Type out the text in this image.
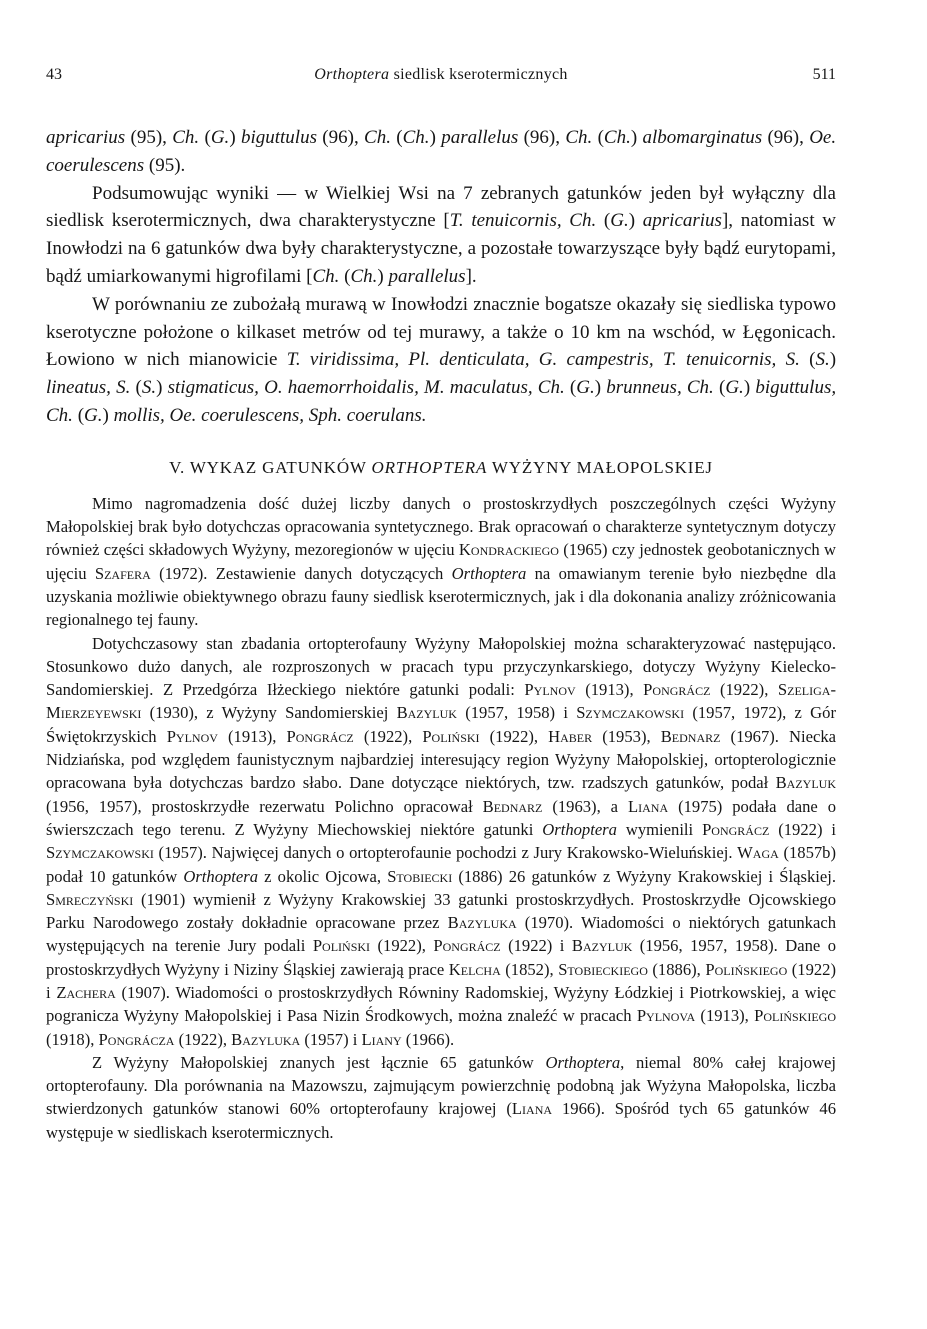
43	Orthoptera siedlisk kserotermicznych	511

apricarius (95), Ch. (G.) biguttulus (96), Ch. (Ch.) parallelus (96), Ch. (Ch.) albomarginatus (96), Oe. coerulescens (95).

Podsumowując wyniki — w Wielkiej Wsi na 7 zebranych gatunków jeden był wyłączny dla siedlisk kserotermicznych, dwa charakterystyczne [T. tenuicornis, Ch. (G.) apricarius], natomiast w Inowłodzi na 6 gatunków dwa były charakterystyczne, a pozostałe towarzyszące były bądź eurytopami, bądź umiarkowanymi higrofilami [Ch. (Ch.) parallelus].

W porównaniu ze zubożałą murawą w Inowłodzi znacznie bogatsze okazały się siedliska typowo kserotyczne położone o kilkaset metrów od tej murawy, a także o 10 km na wschód, w Łęgonicach. Łowiono w nich mianowicie T. viridissima, Pl. denticulata, G. campestris, T. tenuicornis, S. (S.) lineatus, S. (S.) stigmaticus, O. haemorrhoidalis, M. maculatus, Ch. (G.) brunneus, Ch. (G.) biguttulus, Ch. (G.) mollis, Oe. coerulescens, Sph. coerulans.

V. WYKAZ GATUNKÓW ORTHOPTERA WYŻYNY MAŁOPOLSKIEJ

Mimo nagromadzenia dość dużej liczby danych o prostoskrzydłych poszczególnych części Wyżyny Małopolskiej brak było dotychczas opracowania syntetycznego. Brak opracowań o charakterze syntetycznym dotyczy również części składowych Wyżyny, mezoregionów w ujęciu Kondrackiego (1965) czy jednostek geobotanicznych w ujęciu Szafera (1972). Zestawienie danych dotyczących Orthoptera na omawianym terenie było niezbędne dla uzyskania możliwie obiektywnego obrazu fauny siedlisk kserotermicznych, jak i dla dokonania analizy zróżnicowania regionalnego tej fauny.

Dotychczasowy stan zbadania ortopterofauny Wyżyny Małopolskiej można scharakteryzować następująco. Stosunkowo dużo danych, ale rozproszonych w pracach typu przyczynkarskiego, dotyczy Wyżyny Kielecko-Sandomierskiej. Z Przedgórza Iłżeckiego niektóre gatunki podali: Pylnov (1913), Pongrácz (1922), Szeliga-Mierzeyewski (1930), z Wyżyny Sandomierskiej Bazyluk (1957, 1958) i Szymczakowski (1957, 1972), z Gór Świętokrzyskich Pylnov (1913), Pongrácz (1922), Poliński (1922), Haber (1953), Bednarz (1967). Niecka Nidziańska, pod względem faunistycznym najbardziej interesujący region Wyżyny Małopolskiej, ortopterologicznie opracowana była dotychczas bardzo słabo. Dane dotyczące niektórych, tzw. rzadszych gatunków, podał Bazyluk (1956, 1957), prostoskrzydłe rezerwatu Polichno opracował Bednarz (1963), a Liana (1975) podała dane o świerszczach tego terenu. Z Wyżyny Miechowskiej niektóre gatunki Orthoptera wymienili Pongrácz (1922) i Szymczakowski (1957). Najwięcej danych o ortopterofaunie pochodzi z Jury Krakowsko-Wieluńskiej. Waga (1857b) podał 10 gatunków Orthoptera z okolic Ojcowa, Stobiecki (1886) 26 gatunków z Wyżyny Krakowskiej i Śląskiej. Smreczyński (1901) wymienił z Wyżyny Krakowskiej 33 gatunki prostoskrzydłych. Prostoskrzydłe Ojcowskiego Parku Narodowego zostały dokładnie opracowane przez Bazyluka (1970). Wiadomości o niektórych gatunkach występujących na terenie Jury podali Poliński (1922), Pongrácz (1922) i Bazyluk (1956, 1957, 1958). Dane o prostoskrzydłych Wyżyny i Niziny Śląskiej zawierają prace Kelcha (1852), Stobieckiego (1886), Polińskiego (1922) i Zachera (1907). Wiadomości o prostoskrzydłych Równiny Radomskiej, Wyżyny Łódzkiej i Piotrkowskiej, a więc pogranicza Wyżyny Małopolskiej i Pasa Nizin Środkowych, można znaleźć w pracach Pylnova (1913), Polińskiego (1918), Pongrácza (1922), Bazyluka (1957) i Liany (1966).

Z Wyżyny Małopolskiej znanych jest łącznie 65 gatunków Orthoptera, niemal 80% całej krajowej ortopterofauny. Dla porównania na Mazowszu, zajmującym powierzchnię podobną jak Wyżyna Małopolska, liczba stwierdzonych gatunków stanowi 60% ortopterofauny krajowej (Liana 1966). Spośród tych 65 gatunków 46 występuje w siedliskach kserotermicznych.
